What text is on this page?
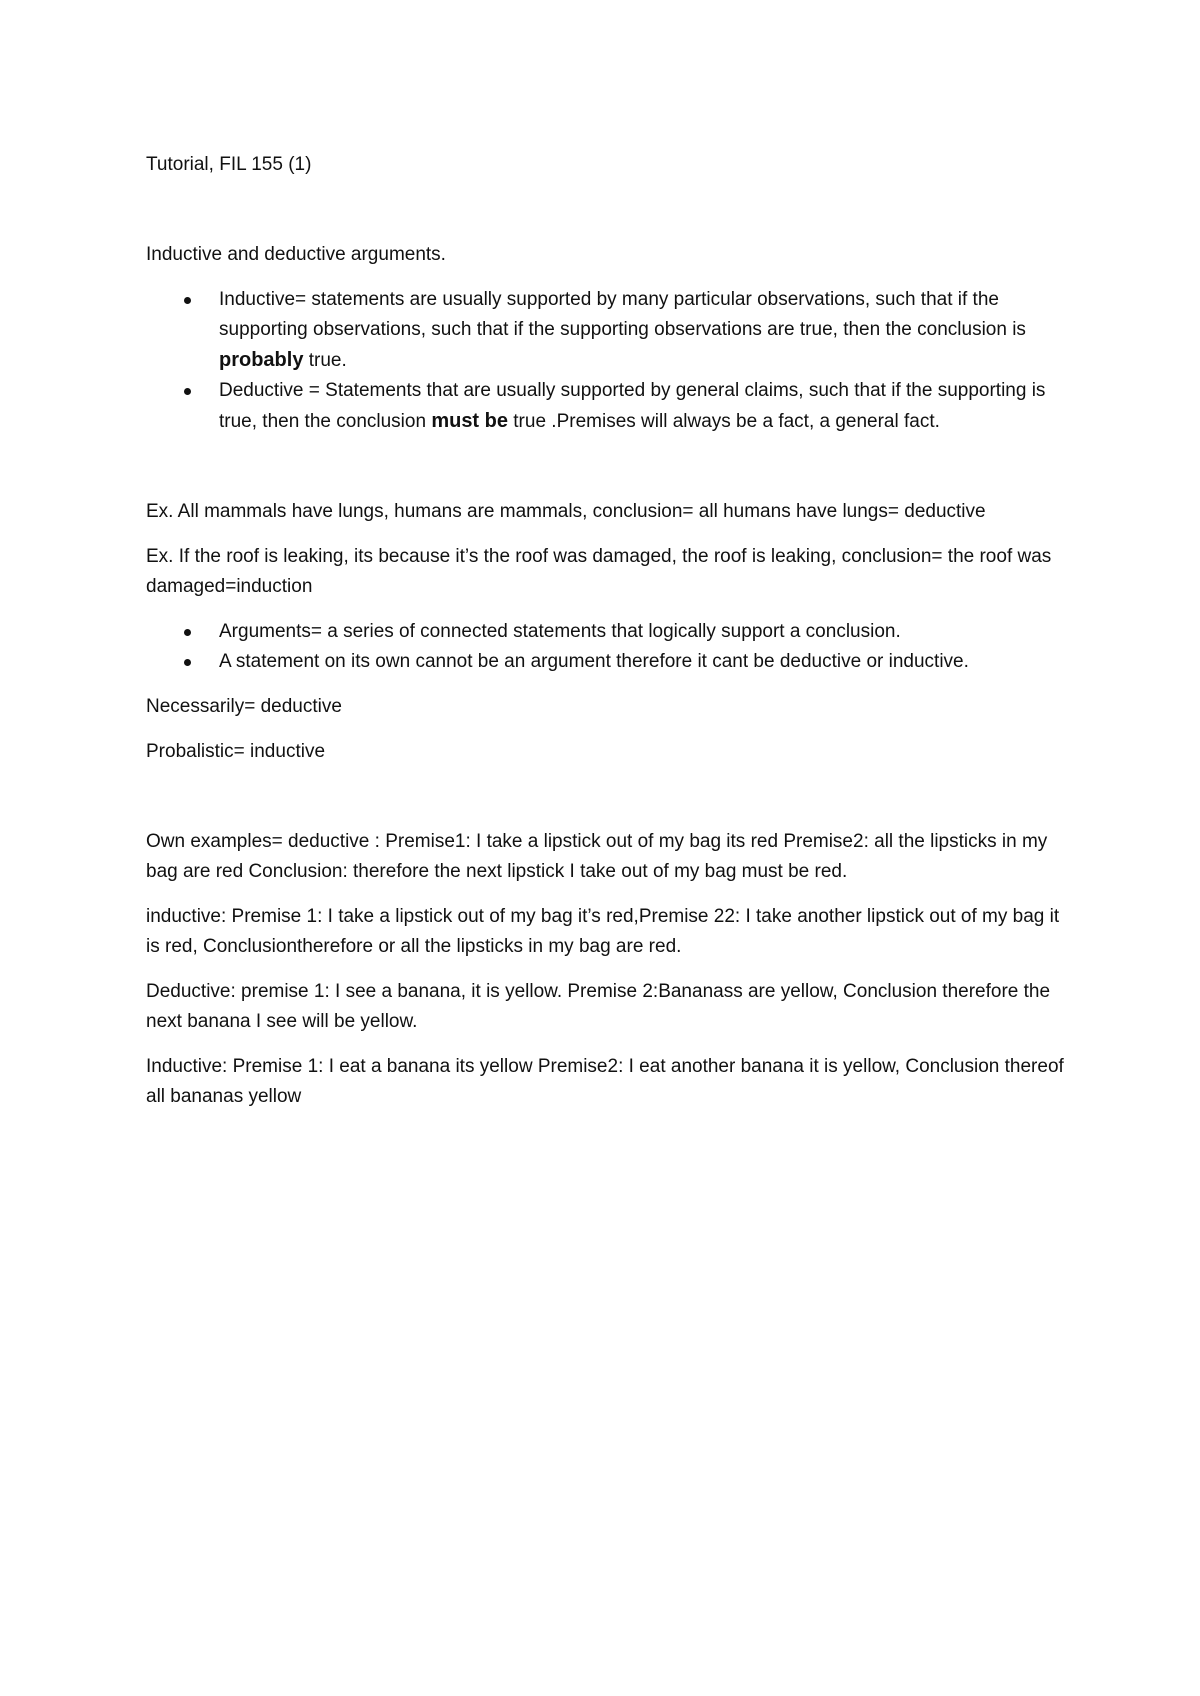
Tutorial, FIL 155 (1)

Inductive and deductive arguments.

Inductive= statements are usually supported by many particular observations, such that if the supporting observations, such that if the supporting observations are true, then the conclusion is probably true.
Deductive = Statements that are usually supported by general claims, such that if the supporting is true, then the conclusion must be true .Premises will always be a fact, a general fact.

Ex. All mammals have lungs, humans are mammals, conclusion= all humans have lungs= deductive

Ex. If the roof is leaking, its because it’s the roof was damaged, the roof is leaking, conclusion= the roof was damaged=induction

Arguments= a series of connected statements that logically support a conclusion.
A statement on its own cannot be an argument therefore it cant be deductive or inductive.

Necessarily= deductive

Probalistic= inductive

Own examples= deductive : Premise1: I take a lipstick out of my bag its red Premise2: all the lipsticks in my bag are red Conclusion: therefore the next lipstick I take out of my bag must be red.

inductive: Premise 1: I take a lipstick out of my bag it’s red,Premise 22: I take another lipstick out of my bag it is red, Conclusiontherefore or all the lipsticks in my bag are red.

Deductive: premise 1: I see a banana, it is yellow. Premise 2:Bananass are yellow, Conclusion therefore the next banana I see will be yellow.

Inductive: Premise 1: I eat a banana its yellow Premise2: I eat another banana it is yellow, Conclusion thereof all bananas yellow
